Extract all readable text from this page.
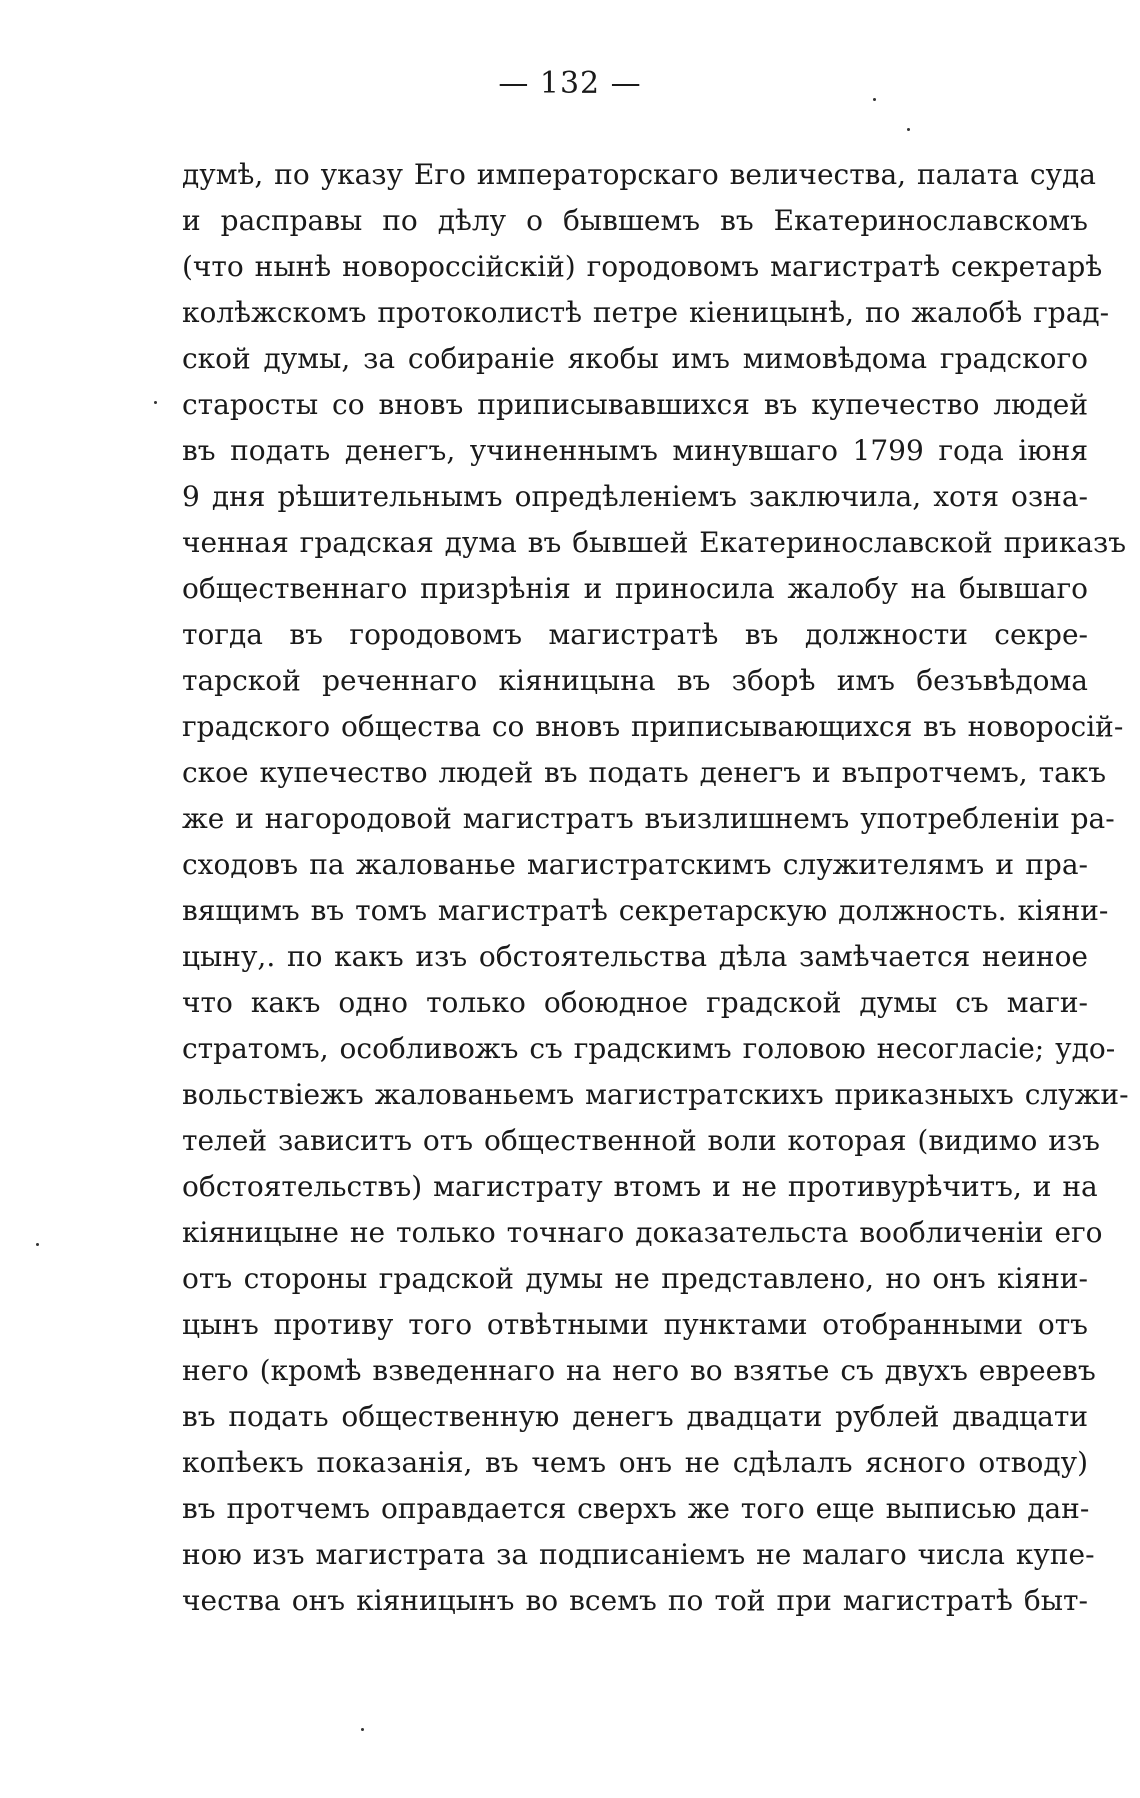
— 132 —
думѣ, по указу Его императорскаго величества, палата суда
и расправы по дѣлу о бывшемъ въ Екатеринославскомъ
(что нынѣ новороссійскій) городовомъ магистратѣ секретарѣ
колѣжскомъ протоколистѣ петре кіеницынѣ, по жалобѣ град-
ской думы, за собираніе якобы имъ мимовѣдома градского
старосты со вновъ приписывавшихся въ купечество людей
въ подать денегъ, учиненнымъ минувшаго 1799 года іюня
9 дня рѣшительнымъ опредѣленіемъ заключила, хотя озна-
ченная градская дума въ бывшей Екатеринославской приказъ
общественнаго призрѣнія и приносила жалобу на бывшаго
тогда въ городовомъ магистратѣ въ должности секре-
тарской реченнаго кіяницына въ зборѣ имъ безъвѣдома
градского общества со вновъ приписывающихся въ новоросій-
ское купечество людей въ подать денегъ и въпротчемъ, такъ
же и нагородовой магистратъ въизлишнемъ употребленіи ра-
сходовъ па жалованье магистратскимъ служителямъ и пра-
вящимъ въ томъ магистратѣ секретарскую должность. кіяни-
цыну,. по какъ изъ обстоятельства дѣла замѣчается неиное
что какъ одно только обоюдное градской думы съ маги-
стратомъ, особливожъ съ градскимъ головою несогласіе; удо-
вольствіежъ жалованьемъ магистратскихъ приказныхъ служи-
телей зависитъ отъ общественной воли которая (видимо изъ
обстоятельствъ) магистрату втомъ и не противурѣчитъ, и на
кіяницыне не только точнаго доказательста вообличеніи его
отъ стороны градской думы не представлено, но онъ кіяни-
цынъ противу того отвѣтными пунктами отобранными отъ
него (кромѣ взведеннаго на него во взятье съ двухъ евреевъ
въ подать общественную денегъ двадцати рублей двадцати
копѣекъ показанія, въ чемъ онъ не сдѣлалъ ясного отводу)
въ протчемъ оправдается сверхъ же того еще выписью дан-
ною изъ магистрата за подписаніемъ не малаго числа купе-
чества онъ кіяницынъ во всемъ по той при магистратѣ быт-
